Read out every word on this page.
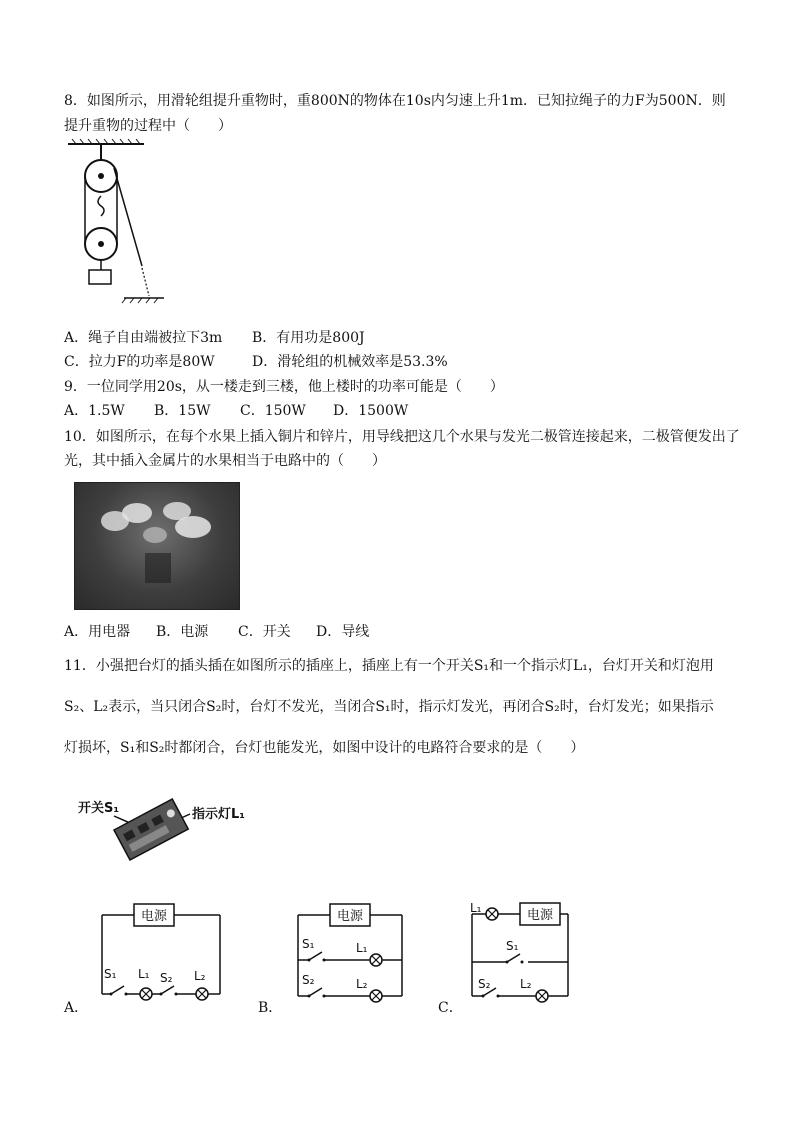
8．如图所示，用滑轮组提升重物时，重800N的物体在10s内匀速上升1m．已知拉绳子的力F为500N．则
提升重物的过程中（　　）
A．绳子自由端被拉下3m B．有用功是800J
C．拉力F的功率是80W	D．滑轮组的机械效率是53.3%
9．一位同学用20s，从一楼走到三楼，他上楼时的功率可能是（　　）
A．1.5W B．15W C．150W D．1500W
10．如图所示，在每个水果上插入铜片和锌片，用导线把这几个水果与发光二极管连接起来，二极管便发出了
光，其中插入金属片的水果相当于电路中的（　　）
A．用电器 B．电源 C．开关 D．导线
11．小强把台灯的插头插在如图所示的插座上，插座上有一个开关S₁和一个指示灯L₁，台灯开关和灯泡用
S₂、L₂表示，当只闭合S₂时，台灯不发光，当闭合S₁时，指示灯发光，再闭合S₂时，台灯发光；如果指示
灯损坏，S₁和S₂时都闭合，台灯也能发光，如图中设计的电路符合要求的是（　　）
开关S₁	指示灯L₁
电源
S₁ L₁ S₂ L₂
A．
电源
S₁	L₁
S₂	L₂
B．
L₁	电源
S₁
S₂ L₂
C．
